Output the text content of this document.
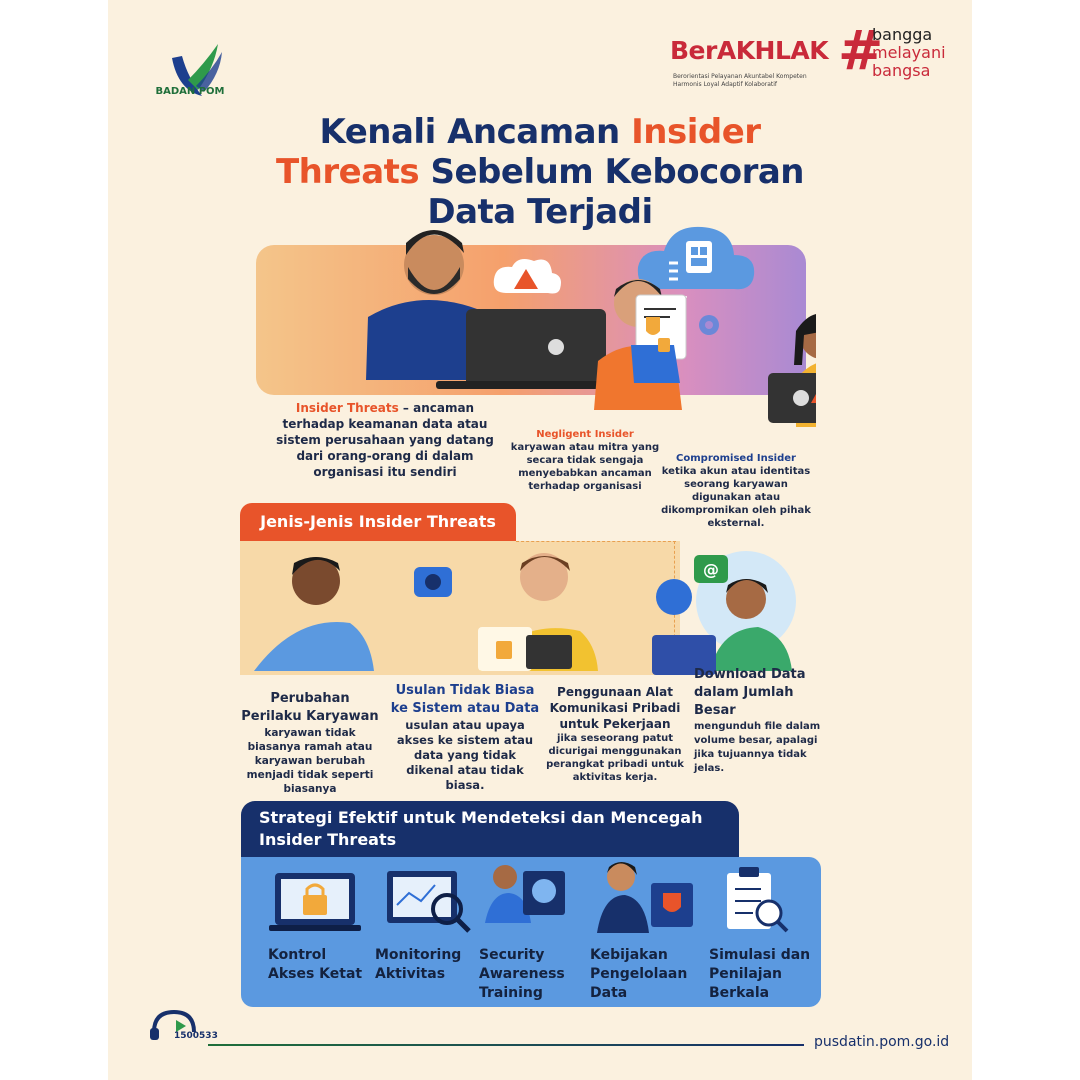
BADAN POM
BerAKHLAK
Berorientasi Pelayanan Akuntabel Kompeten
Harmonis Loyal Adaptif Kolaboratif
#
bangga
melayani
bangsa
Kenali Ancaman Insider
Threats Sebelum Kebocoran
Data Terjadi
Insider Threats – ancaman terhadap keamanan data atau sistem perusahaan yang datang dari orang-orang di dalam organisasi itu sendiri
Negligent Insider
karyawan atau mitra yang secara tidak sengaja menyebabkan ancaman terhadap organisasi
Compromised Insider
ketika akun atau identitas seorang karyawan digunakan atau dikompromikan oleh pihak eksternal.
Jenis-Jenis Insider Threats
@
Perubahan Perilaku Karyawan
karyawan tidak biasanya ramah atau karyawan berubah menjadi tidak seperti biasanya
Usulan Tidak Biasa ke Sistem atau Data
usulan atau upaya akses ke sistem atau data yang tidak dikenal atau tidak biasa.
Penggunaan Alat Komunikasi Pribadi untuk Pekerjaan
jika seseorang patut dicurigai menggunakan perangkat pribadi untuk aktivitas kerja.
Download Data dalam Jumlah Besar
mengunduh file dalam volume besar, apalagi jika tujuannya tidak jelas.
Strategi Efektif untuk Mendeteksi dan Mencegah Insider Threats
Kontrol Akses Ketat
Monitoring Aktivitas
Security Awareness Training
Kebijakan Pengelolaan Data
Simulasi dan Penilajan Berkala
1500533	pusdatin.pom.go.id
